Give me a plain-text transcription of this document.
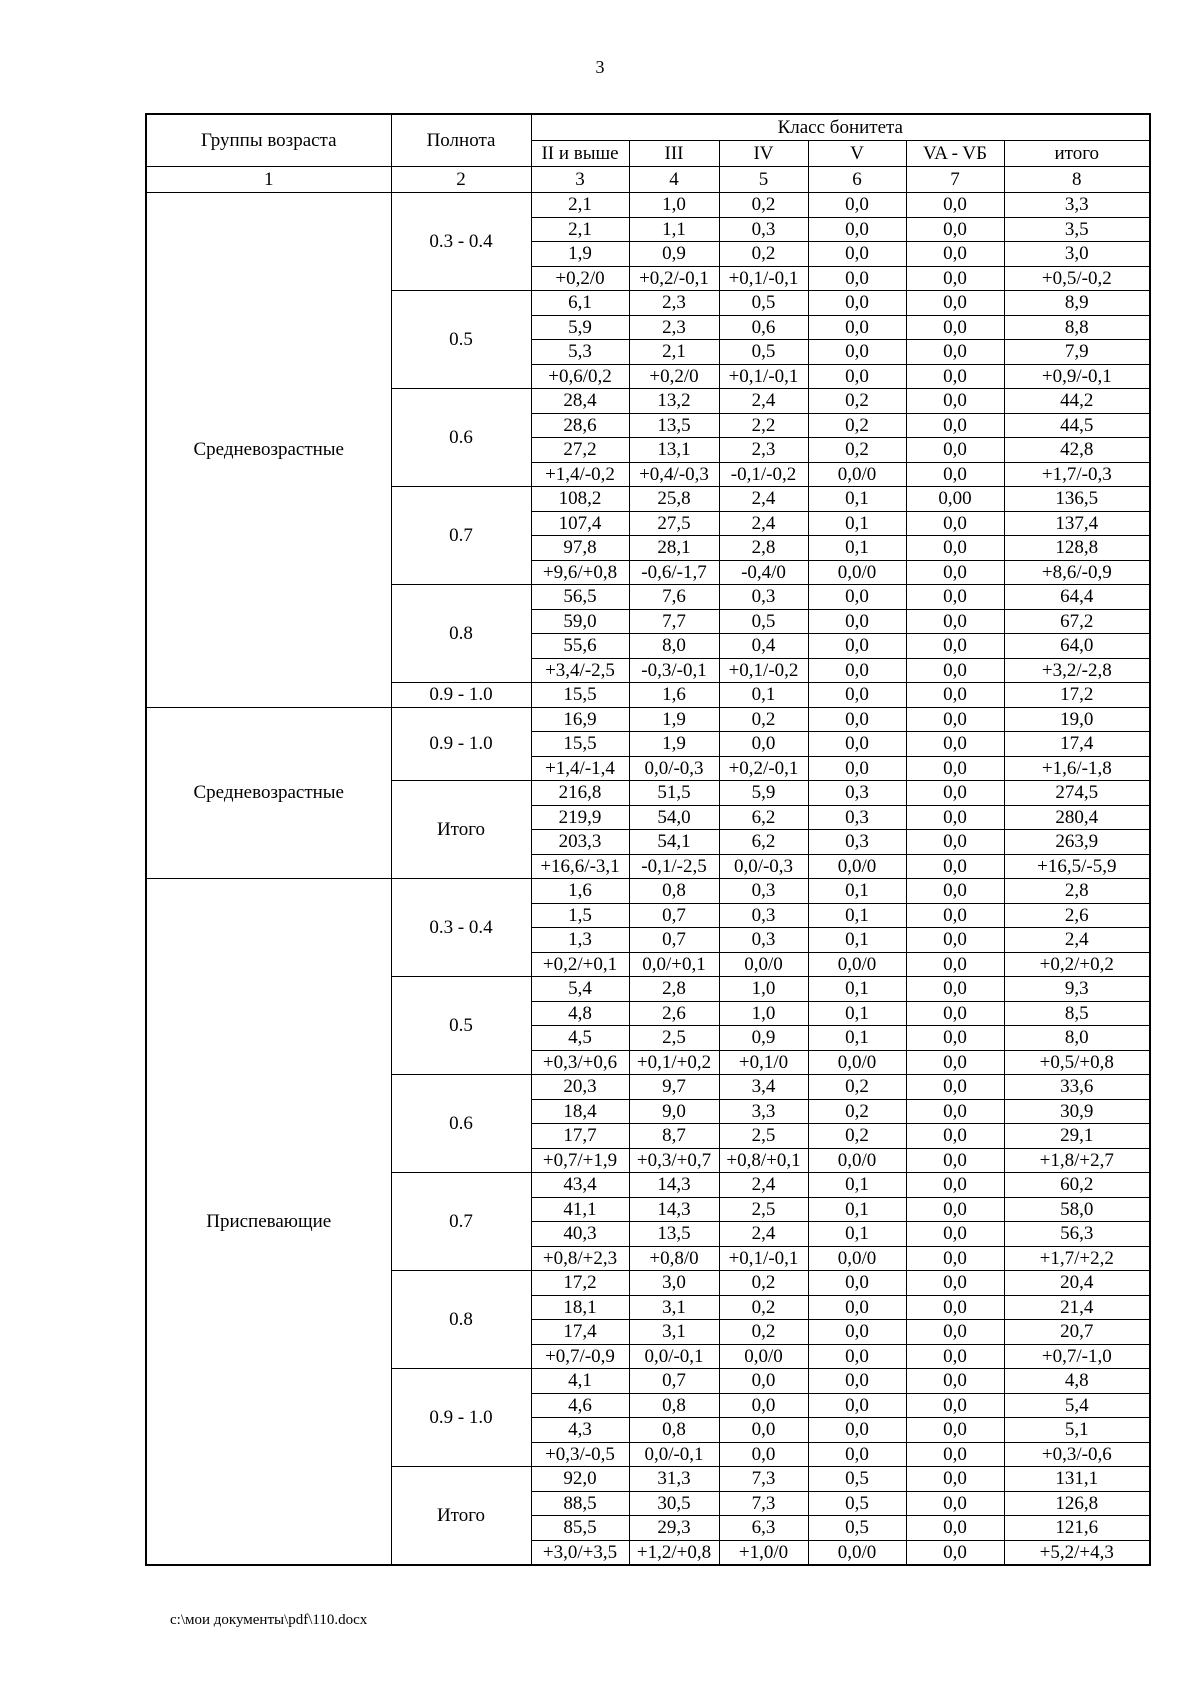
3
Группы возраста	Полнота	Класс бонитета					
		II и выше	III	IV	V	VA - VБ	итого
1	2	3	4	5	6	7	8
Средневозрастные	0.3 - 0.4	2,1	1,0	0,2	0,0	0,0	3,3
		2,1	1,1	0,3	0,0	0,0	3,5
		1,9	0,9	0,2	0,0	0,0	3,0
		+0,2/0	+0,2/-0,1	+0,1/-0,1	0,0	0,0	+0,5/-0,2
	0.5	6,1	2,3	0,5	0,0	0,0	8,9
		5,9	2,3	0,6	0,0	0,0	8,8
		5,3	2,1	0,5	0,0	0,0	7,9
		+0,6/0,2	+0,2/0	+0,1/-0,1	0,0	0,0	+0,9/-0,1
	0.6	28,4	13,2	2,4	0,2	0,0	44,2
		28,6	13,5	2,2	0,2	0,0	44,5
		27,2	13,1	2,3	0,2	0,0	42,8
		+1,4/-0,2	+0,4/-0,3	-0,1/-0,2	0,0/0	0,0	+1,7/-0,3
	0.7	108,2	25,8	2,4	0,1	0,00	136,5
		107,4	27,5	2,4	0,1	0,0	137,4
		97,8	28,1	2,8	0,1	0,0	128,8
		+9,6/+0,8	-0,6/-1,7	-0,4/0	0,0/0	0,0	+8,6/-0,9
	0.8	56,5	7,6	0,3	0,0	0,0	64,4
		59,0	7,7	0,5	0,0	0,0	67,2
		55,6	8,0	0,4	0,0	0,0	64,0
		+3,4/-2,5	-0,3/-0,1	+0,1/-0,2	0,0	0,0	+3,2/-2,8
	0.9 - 1.0	15,5	1,6	0,1	0,0	0,0	17,2
Средневозрастные	0.9 - 1.0	16,9	1,9	0,2	0,0	0,0	19,0
		15,5	1,9	0,0	0,0	0,0	17,4
		+1,4/-1,4	0,0/-0,3	+0,2/-0,1	0,0	0,0	+1,6/-1,8
	Итого	216,8	51,5	5,9	0,3	0,0	274,5
		219,9	54,0	6,2	0,3	0,0	280,4
		203,3	54,1	6,2	0,3	0,0	263,9
		+16,6/-3,1	-0,1/-2,5	0,0/-0,3	0,0/0	0,0	+16,5/-5,9
Приспевающие	0.3 - 0.4	1,6	0,8	0,3	0,1	0,0	2,8
		1,5	0,7	0,3	0,1	0,0	2,6
		1,3	0,7	0,3	0,1	0,0	2,4
		+0,2/+0,1	0,0/+0,1	0,0/0	0,0/0	0,0	+0,2/+0,2
	0.5	5,4	2,8	1,0	0,1	0,0	9,3
		4,8	2,6	1,0	0,1	0,0	8,5
		4,5	2,5	0,9	0,1	0,0	8,0
		+0,3/+0,6	+0,1/+0,2	+0,1/0	0,0/0	0,0	+0,5/+0,8
	0.6	20,3	9,7	3,4	0,2	0,0	33,6
		18,4	9,0	3,3	0,2	0,0	30,9
		17,7	8,7	2,5	0,2	0,0	29,1
		+0,7/+1,9	+0,3/+0,7	+0,8/+0,1	0,0/0	0,0	+1,8/+2,7
	0.7	43,4	14,3	2,4	0,1	0,0	60,2
		41,1	14,3	2,5	0,1	0,0	58,0
		40,3	13,5	2,4	0,1	0,0	56,3
		+0,8/+2,3	+0,8/0	+0,1/-0,1	0,0/0	0,0	+1,7/+2,2
	0.8	17,2	3,0	0,2	0,0	0,0	20,4
		18,1	3,1	0,2	0,0	0,0	21,4
		17,4	3,1	0,2	0,0	0,0	20,7
		+0,7/-0,9	0,0/-0,1	0,0/0	0,0	0,0	+0,7/-1,0
	0.9 - 1.0	4,1	0,7	0,0	0,0	0,0	4,8
		4,6	0,8	0,0	0,0	0,0	5,4
		4,3	0,8	0,0	0,0	0,0	5,1
		+0,3/-0,5	0,0/-0,1	0,0	0,0	0,0	+0,3/-0,6
	Итого	92,0	31,3	7,3	0,5	0,0	131,1
		88,5	30,5	7,3	0,5	0,0	126,8
		85,5	29,3	6,3	0,5	0,0	121,6
		+3,0/+3,5	+1,2/+0,8	+1,0/0	0,0/0	0,0	+5,2/+4,3
c:\мои документы\pdf\110.docx
